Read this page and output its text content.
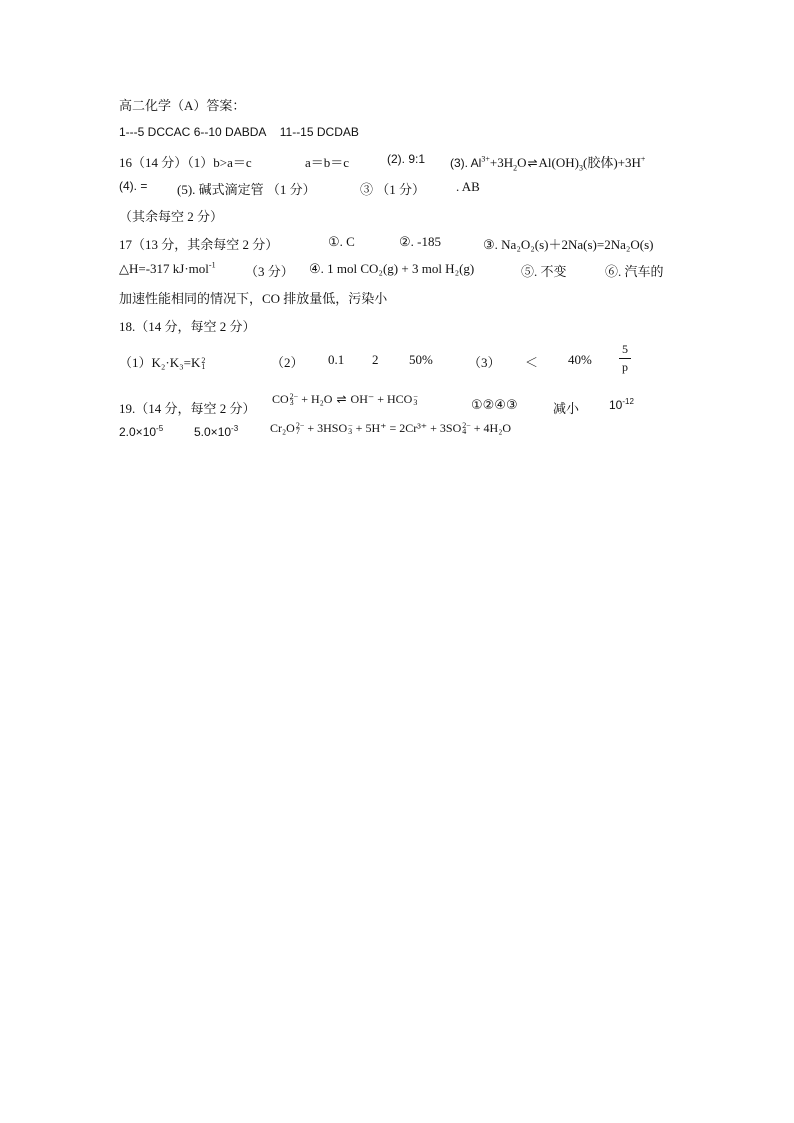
高二化学（A）答案：
1---5 DCCAC 6--10 DABDA 11--15 DCDAB
16（14 分）（1）b>a＝c	a＝b＝c	(2). 9:1 (3). $Al^{3+}+3H_2O\rightleftharpoons Al(OH)_3$(胶体)+3H+
(4). = (5). 碱式滴定管 （1 分）	③ （1 分） . AB
（其余每空 2 分）
17（13 分，其余每空 2 分）	①. C	②. -185	③. Na₂O₂(s)＋2Na(s)=2Na₂O(s)
△H=-317 kJ·mol$^{-1}$ （3 分） ④. 1 mol CO₂(g) + 3 mol H₂(g)	⑤. 不变	⑥. 汽车的
加速性能相同的情况下，CO 排放量低，污染小
18.（14 分，每空 2 分）
（1）K₂·K₃=K 2
1	（2） 0.1 2 50%	$(3) < 40\% \frac{5}{p}$
19.（14 分，每空 2 分）
CO 2−
3 + H₂O ⇌ OH⁻ + HCO −
3	①②④③	减小 $10^{-12}$
$2.0\times 10^{-5}$	$5.0\times 10^{-3}$	Cr₂O 2−
7 + 3HSO −
3 + 5H⁺ = 2Cr³⁺ + 3SO 2−
4 + 4H₂O
